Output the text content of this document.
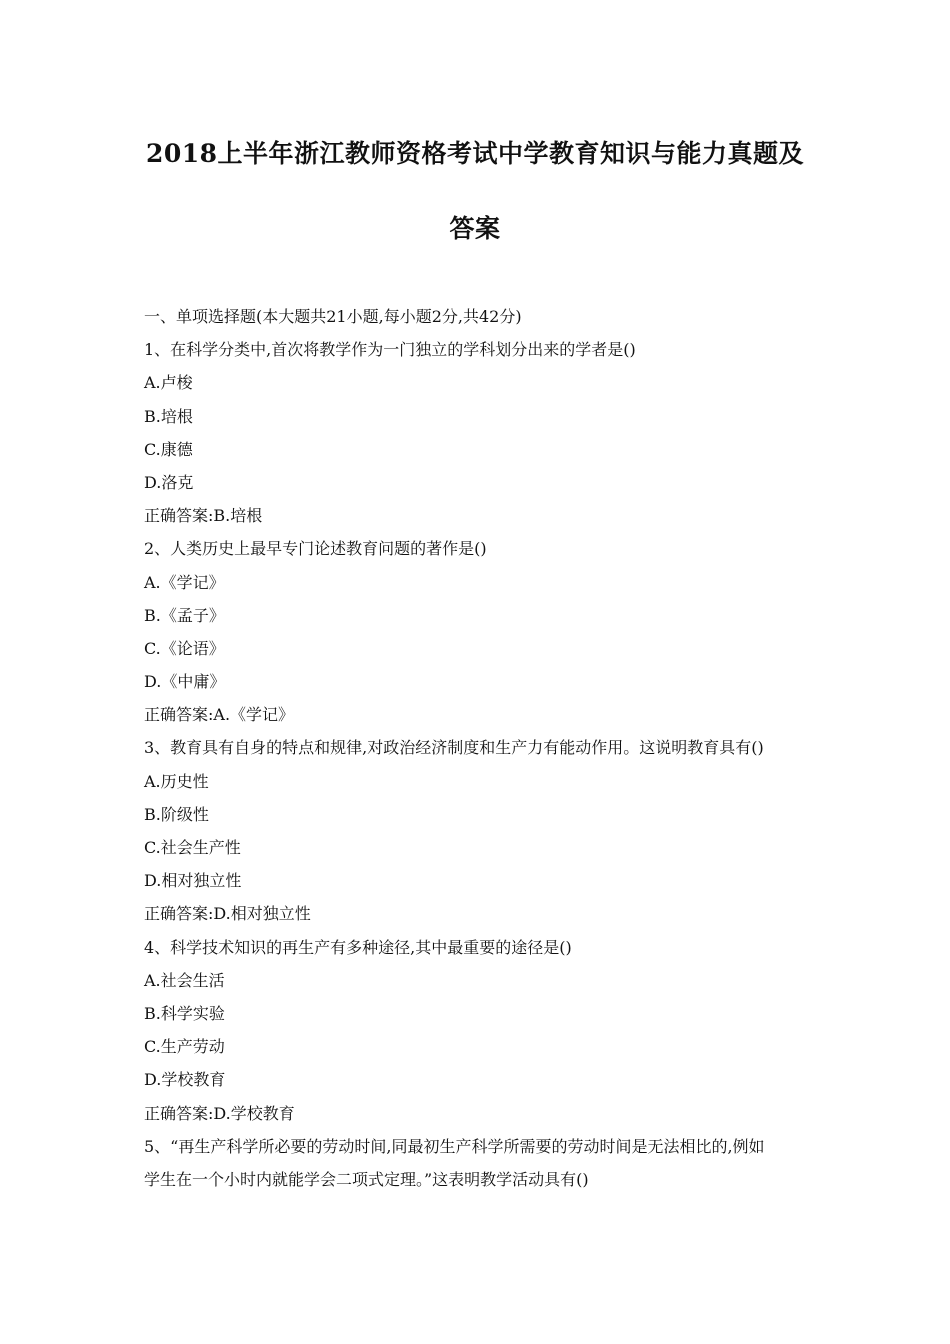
2018上半年浙江教师资格考试中学教育知识与能力真题及
答案
一、单项选择题(本大题共21小题,每小题2分,共42分)
1、在科学分类中,首次将教学作为一门独立的学科划分出来的学者是()
A.卢梭
B.培根
C.康德
D.洛克
正确答案:B.培根
2、人类历史上最早专门论述教育问题的著作是()
A.《学记》
B.《孟子》
C.《论语》
D.《中庸》
正确答案:A.《学记》
3、教育具有自身的特点和规律,对政治经济制度和生产力有能动作用。这说明教育具有()
A.历史性
B.阶级性
C.社会生产性
D.相对独立性
正确答案:D.相对独立性
4、科学技术知识的再生产有多种途径,其中最重要的途径是()
A.社会生活
B.科学实验
C.生产劳动
D.学校教育
正确答案:D.学校教育
5、“再生产科学所必要的劳动时间,同最初生产科学所需要的劳动时间是无法相比的,例如
学生在一个小时内就能学会二项式定理。”这表明教学活动具有()
